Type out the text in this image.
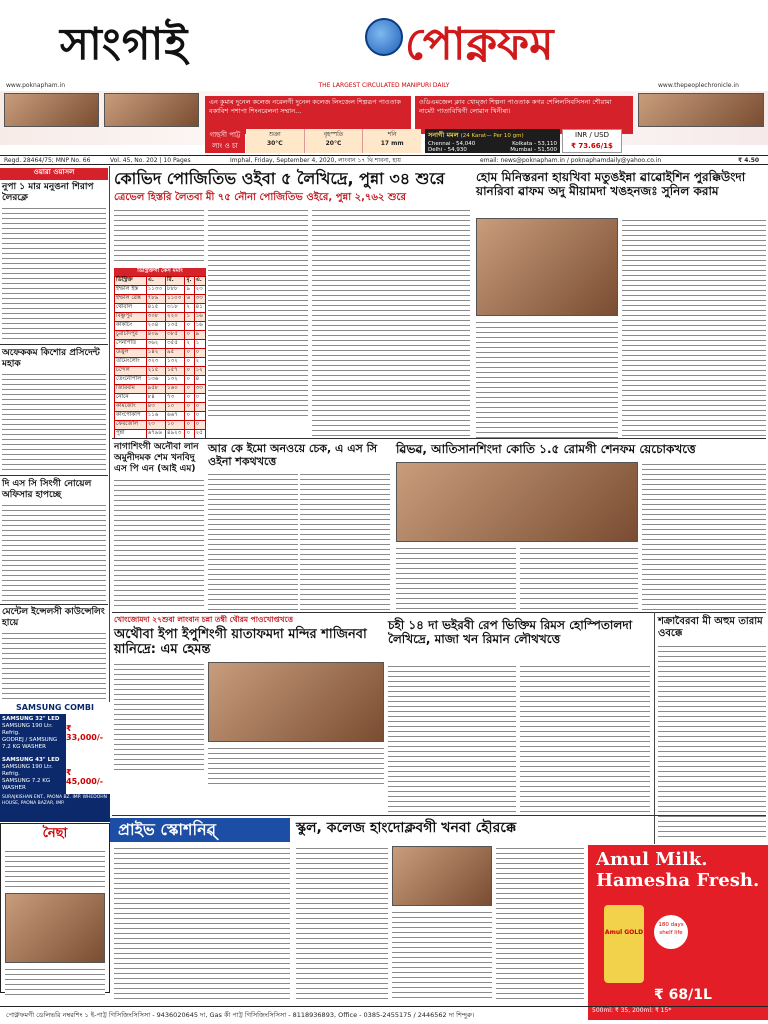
সাংগাই	পোক্নফম
www.poknapham.in	THE LARGEST CIRCULATED MANIPURI DAILY	www.thepeoplechronicle.in
এন কুমাৰ দুনেল কলেজ নরেলগী দুনেল কলেজ লিংজেল শিল্পরূপ পাওতাক বকাবিশ পশাপা শিংনরেলনা সম্মান...
ওডিএমজেল ক্লাব খোম্জা শিল্পনা পাওতাক কগর শেলিলসিবসিসনা শৌরামা নাম্যৌ পাতাবিখিগী লোৱান খিনীৰা।
গাছসী পাট্ট
লাং ও চা
শুক্রা
30°C
বৃহস্পতি
20°C
শনি
17 mm
সনাগী মমল (24 Karat— Per 10 gm)
Chennai - 54,040	Kolkata - 53,110
Delhi - 54,930	Mumbai - 51,500
INR / USD
₹ 73.66/1$
Regd. 28464/75; MNP No. 66	Vol. 45, No. 202 | 10 Pages	Imphal, Friday, September 4, 2020, লাংবান ১৭ থি শাবনা, হায়	email: news@poknapham.in / poknaphamdaily@yahoo.co.in	₹ 4.50
ওয়ারা ওয়াসল
নুপা ১ মার মনুঙনা শিরাপ লৈরক্লে
অফেককম কিশোর প্রসিদেন্ট মহাক
দি এস সি সিংগী নোয়েল অফিসার হাপচ্ছে
মেন্টেল ইন্সেলসী কাউন্সেলিং হায়ে
SAMSUNG COMBI
SAMSUNG 32" LED
SAMSUNG 190 Ltr. Refrig.
GODREJ / SAMSUNG 7.2 KG WASHER
SAMSUNG 43" LED
SAMSUNG 190 Ltr. Refrig.
SAMSUNG 7.2 KG WASHER
₹ 33,000/-
₹ 45,000/-
SURAJKISHAN ENT., PAONA BZ. IMP. WHEDOHN HOUSE, PAONA BAZAR, IMP.
নৈছা
কোভিদ পোজিতিভ ওইবা ৫ লৈখিদ্রে, পুন্না ৩৪ শুরে
ত্রেভেল হিস্তরি লৈতবা মী ৭৫ নৌনা পোজিতিভ ওইরে, পুন্না ২,৭৬২ শুরে
ডিস্ট্রিক্তগী কেস মমাং
ডিস্ট্রিক্ত	এ.	রি.	মৃ.	এ.
ইম্ফাল ইস্ত	১১৩৩	৮৮৮	৯	২৩
ইম্ফাল ৱেস্ত	৭৮৯	১১০৩	৬	৩৩
থৌবাল	৪১৫	৩১৮	২	৪১
বিষ্ণুপুর	৩০৮	২২০	১	১৬
কাকচিং	২০৪	১৩৫	০	১৬
চুরাচাঁদপুর	৪০৯	৩৮৫	০	৯
সেনাপতি	৩৬২	৩৫৫	২	১
উখ্রুল	১৪২	৯৫	০	০
তামেংলোং	৩২৩	১৩২	০	২
চন্দেল	২১৫	১৫৭	০	১২
তেংনৌপাল	১৩৬	১৩২	০	৪
জিরিবাম	৯৫৮	১৬০	০	৩৩
নোনে	৮৪	৭৩	০	০
কামজোং	৪৩	১০	০	০
কাংপোকপি	১১৬	৬৬৭	০	০
ফেরজোল	২৩	১০	০	০
পুন্না	৬৭৯৬	৪৯২৩	০	২৫
হোম মিনিস্তরনা হায়খিবা মতুঙইন্না ৱাৱোইশিন পুরক্কিউংদা য়ানরিবা ৱাফম অদু মীয়ামদা খঙহনজঃ সুনিল করাম
নাগাশিংগী অনৌবা লান অমুনীদমক শেম খনবিদু এস পি এন (আই এম)
আর কে ইমো অনওয়ে চেক, এ এস সি ওইনা শকথখত্তে
ৱিভৱ, আতিসানশিংদা কোতি ১.৫ রোমগী শেনফম য়েচোকখত্তে
খোংজোমদা ২৭শুবা লাংবান চন্না তম্বী থৌরম পাওখোপ্তখত্তে
অথৌবা ইপা ইপুশিংগী য়াতাফমদা মন্দির শাজিনবা য়ানিদ্রে: এম হেমন্ত
চহী ১৪ দা ভইরবী রেপ ভিক্তিম রিমস হোস্পিতালদা লৈখিদ্রে, মাজা খন রিমান লৌথখত্তে
শক্রাবৈরবা মী অহুম তারাম ওবক্কে
প্রাইভ স্কোশনিৱ্‌	স্কুল, কলেজ হাংদোক্লবগী খনবা হৌরক্কে
Amul Milk.
Hamesha Fresh.
Amul GOLD
180 days shelf life
₹ 68/1L
500ml: ₹ 35, 200ml: ₹ 15*
পোক্নফমগী ডেলিভরি নম্বরশিং ১ ই-পাট্ট গিসিজিংসিসিসা - 9436020645 দা, Gas কী পাট্ট গিসিজিংসিসিসা - 8118936893, Office - 0385-2455175 / 2446562 দা শিন্দুরু।
